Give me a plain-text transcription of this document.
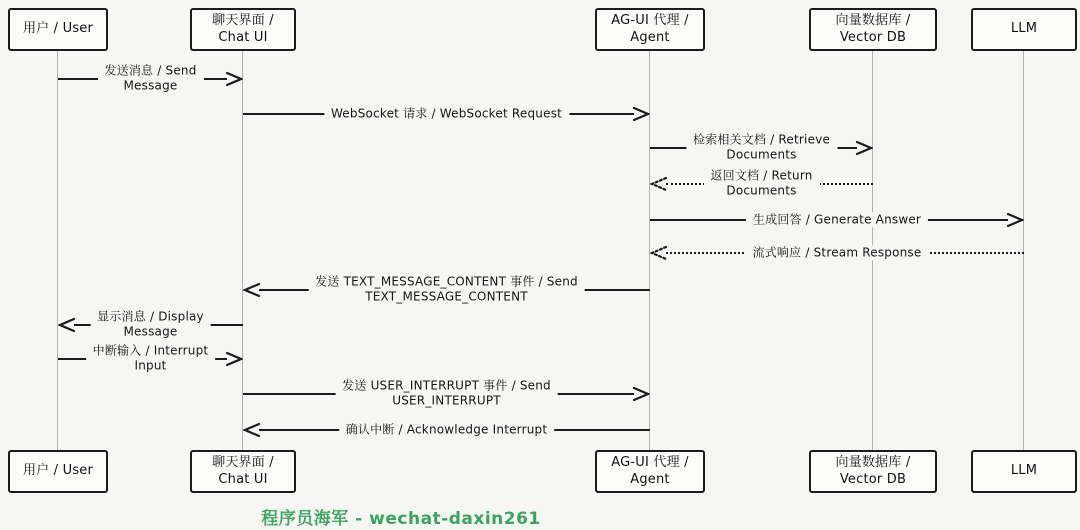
程序员海军 - wechat-daxin261
用户 / User
用户 / User
聊天界面 / Chat UI
聊天界面 / Chat UI
AG-UI 代理 / Agent
AG-UI 代理 / Agent
向量数据库 / Vector DB
向量数据库 / Vector DB
LLM
LLM
发送消息 / Send
Message
WebSocket 请求 / WebSocket Request
检索相关文档 / Retrieve
Documents
返回文档 / Return
Documents
生成回答 / Generate Answer
流式响应 / Stream Response
发送 TEXT_MESSAGE_CONTENT 事件 / Send
TEXT_MESSAGE_CONTENT
显示消息 / Display
Message
中断输入 / Interrupt
Input
发送 USER_INTERRUPT 事件 / Send
USER_INTERRUPT
确认中断 / Acknowledge Interrupt
